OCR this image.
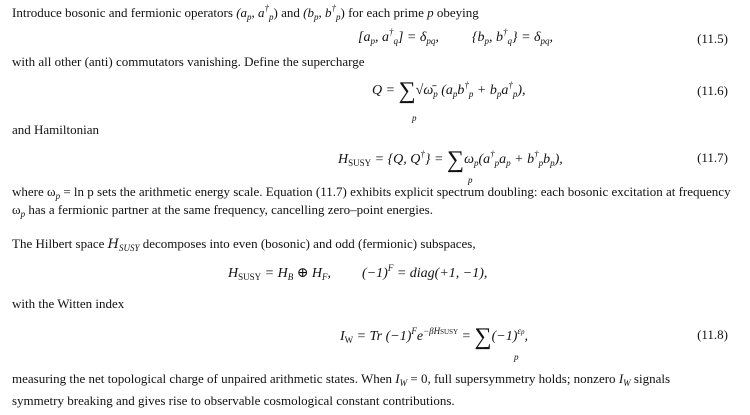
Introduce bosonic and fermionic operators ($a_p$, $a^\dagger_p$) and ($b_p$, $b^\dagger_p$) for each prime p obeying
[$a_p$, $a^\dagger_q] = \delta_{pq}$, {$b_p$, $b^\dagger_q\} = \delta_{pq}$,	(11.5)
with all other (anti) commutators vanishing. Define the supercharge
$Q = \sum√\omegā_p$ $(a_pb^\dagger_p + b_pa^\dagger_p)$,
p
(11.6)
and Hamiltonian
$H_{SUSY} = \{Q$, $Q^\dagger\} = \sum\omega_p(a^\dagger_pa_p + b^\dagger_pb_p)$,
p
(11.7)
where $\omega_p = \ln p$ sets the arithmetic energy scale. Equation (11.7) exhibits explicit spectrum doubling: each bosonic excitation at frequency
$\omega_p$ has a fermionic partner at the same frequency, cancelling zero–point energies.
The Hilbert space $H_{SUSY}$ decomposes into even (bosonic) and odd (fermionic) subspaces,
$H_{SUSY} = H_B$ ⊕ $H_F$, $(-1)^F$ = diag(+1, −1),
with the Witten index
$I_W = Tr$ $(-1)^Fe^{-\beta HSUSY} = \sum(-1)^{\varepsilon p}$,
p
(11.8)
measuring the net topological charge of unpaired arithmetic states. When $I_W = 0$, full supersymmetry holds; nonzero $I_W$ signals
symmetry breaking and gives rise to observable cosmological constant contributions.
